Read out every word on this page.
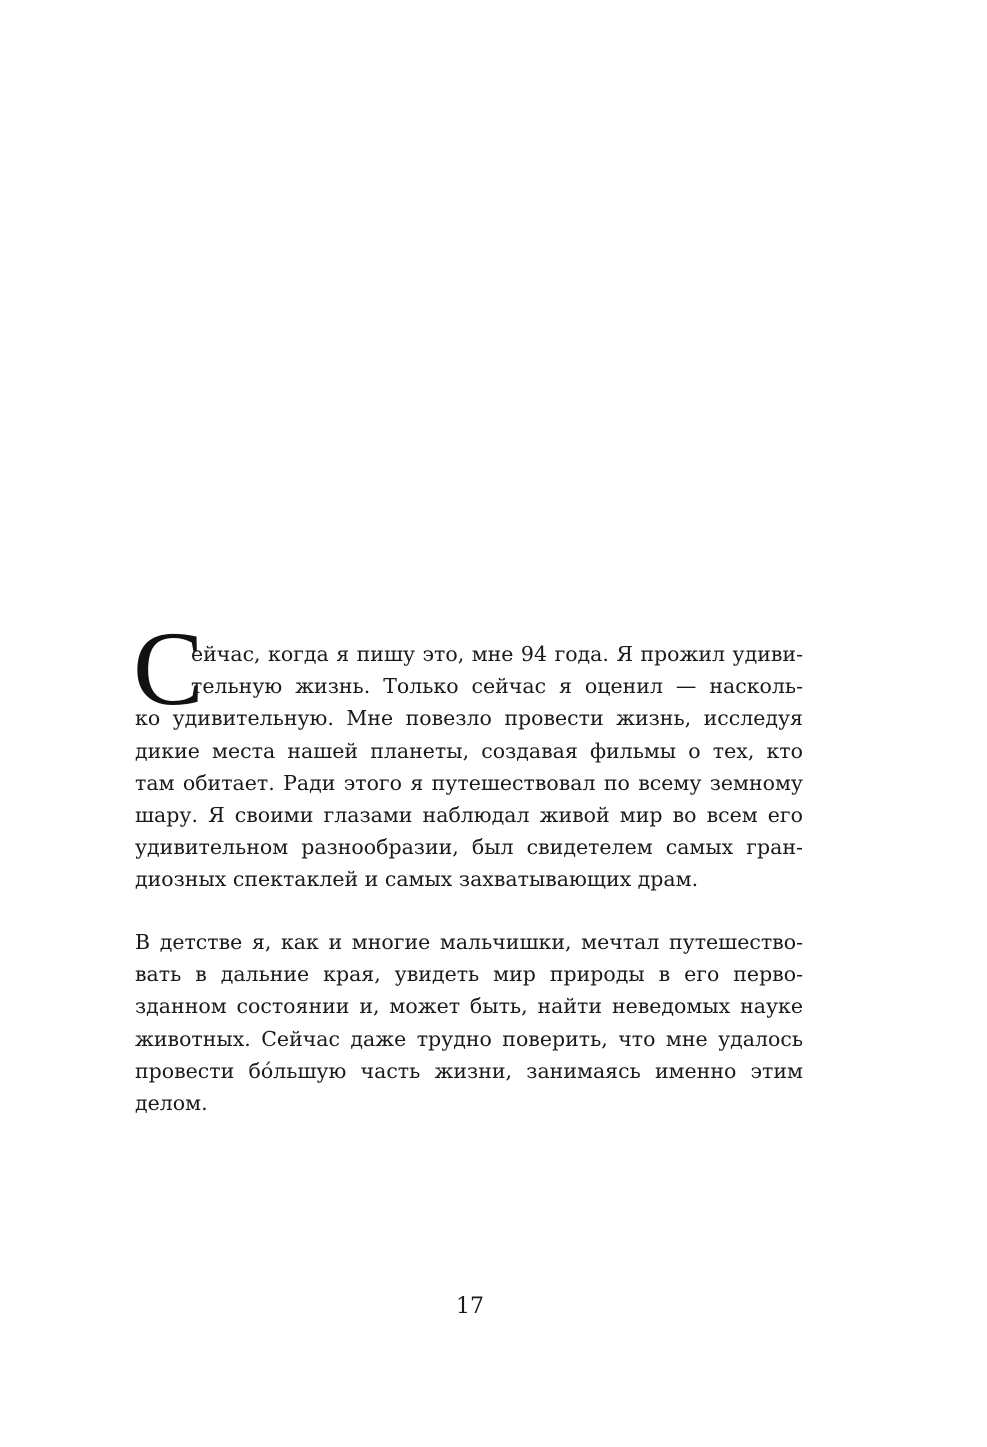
С
ейчас, когда я пишу это, мне 94 года. Я прожил удиви-
тельную жизнь. Только сейчас я оценил — насколь-
ко удивительную. Мне повезло провести жизнь, исследуя
дикие места нашей планеты, создавая фильмы о тех, кто
там обитает. Ради этого я путешествовал по всему земному
шару. Я своими глазами наблюдал живой мир во всем его
удивительном разнообразии, был свидетелем самых гран-
диозных спектаклей и самых захватывающих драм.
В детстве я, как и многие мальчишки, мечтал путешество-
вать в дальние края, увидеть мир природы в его перво-
зданном состоянии и, может быть, найти неведомых науке
животных. Сейчас даже трудно поверить, что мне удалось
провести бóльшую часть жизни, занимаясь именно этим
делом.
17
